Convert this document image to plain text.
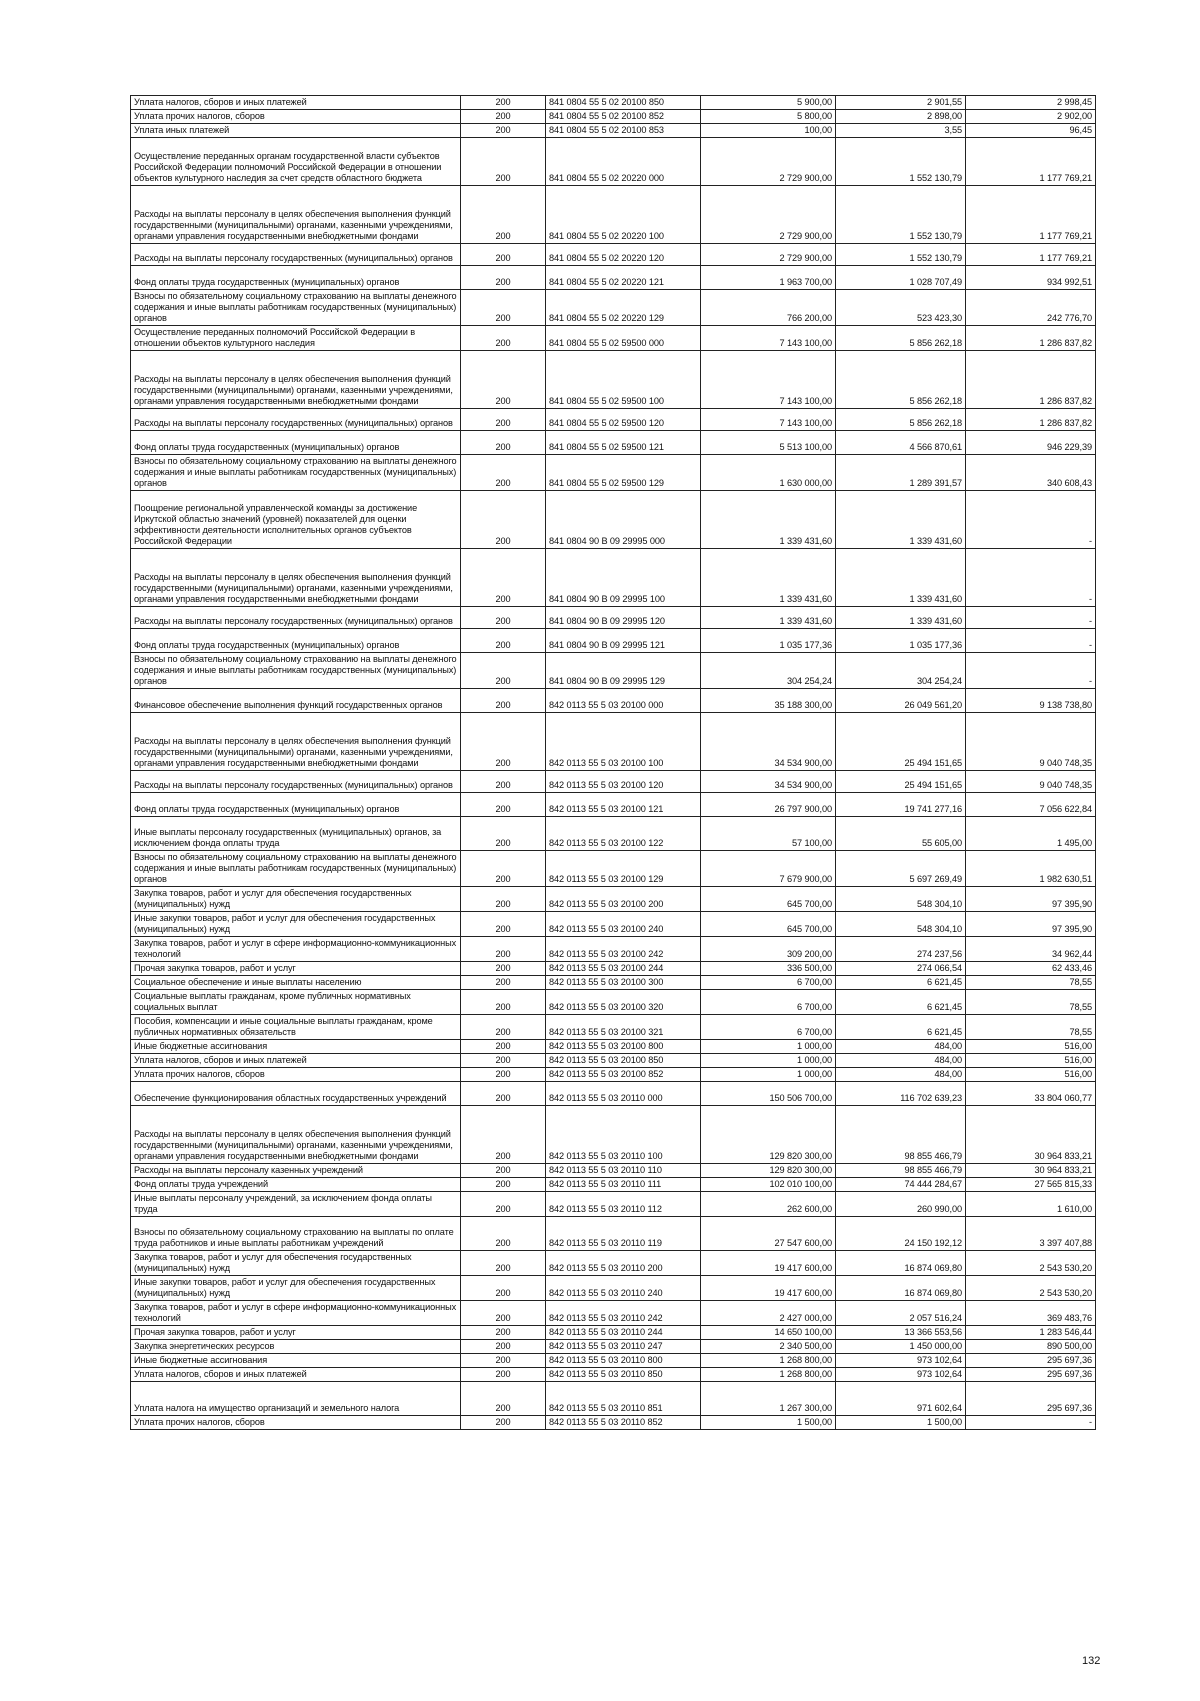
Уплата налогов, сборов и иных платежей	200	841 0804 55 5 02 20100 850	5 900,00	2 901,55	2 998,45
Уплата прочих налогов, сборов	200	841 0804 55 5 02 20100 852	5 800,00	2 898,00	2 902,00
Уплата иных платежей	200	841 0804 55 5 02 20100 853	100,00	3,55	96,45
Осуществление переданных органам государственной власти субъектов Российской Федерации полномочий Российской Федерации в отношении объектов культурного наследия за счет средств областного бюджета	200	841 0804 55 5 02 20220 000	2 729 900,00	1 552 130,79	1 177 769,21
Расходы на выплаты персоналу в целях обеспечения выполнения функций государственными (муниципальными) органами, казенными учреждениями, органами управления государственными внебюджетными фондами	200	841 0804 55 5 02 20220 100	2 729 900,00	1 552 130,79	1 177 769,21
Расходы на выплаты персоналу государственных (муниципальных) органов	200	841 0804 55 5 02 20220 120	2 729 900,00	1 552 130,79	1 177 769,21
Фонд оплаты труда государственных (муниципальных) органов	200	841 0804 55 5 02 20220 121	1 963 700,00	1 028 707,49	934 992,51
Взносы по обязательному социальному страхованию на выплаты денежного содержания и иные выплаты работникам государственных (муниципальных) органов	200	841 0804 55 5 02 20220 129	766 200,00	523 423,30	242 776,70
Осуществление переданных полномочий Российской Федерации в отношении объектов культурного наследия	200	841 0804 55 5 02 59500 000	7 143 100,00	5 856 262,18	1 286 837,82
Расходы на выплаты персоналу в целях обеспечения выполнения функций государственными (муниципальными) органами, казенными учреждениями, органами управления государственными внебюджетными фондами	200	841 0804 55 5 02 59500 100	7 143 100,00	5 856 262,18	1 286 837,82
Расходы на выплаты персоналу государственных (муниципальных) органов	200	841 0804 55 5 02 59500 120	7 143 100,00	5 856 262,18	1 286 837,82
Фонд оплаты труда государственных (муниципальных) органов	200	841 0804 55 5 02 59500 121	5 513 100,00	4 566 870,61	946 229,39
Взносы по обязательному социальному страхованию на выплаты денежного содержания и иные выплаты работникам государственных (муниципальных) органов	200	841 0804 55 5 02 59500 129	1 630 000,00	1 289 391,57	340 608,43
Поощрение региональной управленческой команды за достижение Иркутской областью значений (уровней) показателей для оценки эффективности деятельности исполнительных органов субъектов Российской Федерации	200	841 0804 90 В 09 29995 000	1 339 431,60	1 339 431,60	-
Расходы на выплаты персоналу в целях обеспечения выполнения функций государственными (муниципальными) органами, казенными учреждениями, органами управления государственными внебюджетными фондами	200	841 0804 90 В 09 29995 100	1 339 431,60	1 339 431,60	-
Расходы на выплаты персоналу государственных (муниципальных) органов	200	841 0804 90 В 09 29995 120	1 339 431,60	1 339 431,60	-
Фонд оплаты труда государственных (муниципальных) органов	200	841 0804 90 В 09 29995 121	1 035 177,36	1 035 177,36	-
Взносы по обязательному социальному страхованию на выплаты денежного содержания и иные выплаты работникам государственных (муниципальных) органов	200	841 0804 90 В 09 29995 129	304 254,24	304 254,24	-
Финансовое обеспечение выполнения функций государственных органов	200	842 0113 55 5 03 20100 000	35 188 300,00	26 049 561,20	9 138 738,80
Расходы на выплаты персоналу в целях обеспечения выполнения функций государственными (муниципальными) органами, казенными учреждениями, органами управления государственными внебюджетными фондами	200	842 0113 55 5 03 20100 100	34 534 900,00	25 494 151,65	9 040 748,35
Расходы на выплаты персоналу государственных (муниципальных) органов	200	842 0113 55 5 03 20100 120	34 534 900,00	25 494 151,65	9 040 748,35
Фонд оплаты труда государственных (муниципальных) органов	200	842 0113 55 5 03 20100 121	26 797 900,00	19 741 277,16	7 056 622,84
Иные выплаты персоналу государственных (муниципальных) органов, за исключением фонда оплаты труда	200	842 0113 55 5 03 20100 122	57 100,00	55 605,00	1 495,00
Взносы по обязательному социальному страхованию на выплаты денежного содержания и иные выплаты работникам государственных (муниципальных) органов	200	842 0113 55 5 03 20100 129	7 679 900,00	5 697 269,49	1 982 630,51
Закупка товаров, работ и услуг для обеспечения государственных (муниципальных) нужд	200	842 0113 55 5 03 20100 200	645 700,00	548 304,10	97 395,90
Иные закупки товаров, работ и услуг для обеспечения государственных (муниципальных) нужд	200	842 0113 55 5 03 20100 240	645 700,00	548 304,10	97 395,90
Закупка товаров, работ и услуг в сфере информационно-коммуникационных технологий	200	842 0113 55 5 03 20100 242	309 200,00	274 237,56	34 962,44
Прочая закупка товаров, работ и услуг	200	842 0113 55 5 03 20100 244	336 500,00	274 066,54	62 433,46
Социальное обеспечение и иные выплаты населению	200	842 0113 55 5 03 20100 300	6 700,00	6 621,45	78,55
Социальные выплаты гражданам, кроме публичных нормативных социальных выплат	200	842 0113 55 5 03 20100 320	6 700,00	6 621,45	78,55
Пособия, компенсации и иные социальные выплаты гражданам, кроме публичных нормативных обязательств	200	842 0113 55 5 03 20100 321	6 700,00	6 621,45	78,55
Иные бюджетные ассигнования	200	842 0113 55 5 03 20100 800	1 000,00	484,00	516,00
Уплата налогов, сборов и иных платежей	200	842 0113 55 5 03 20100 850	1 000,00	484,00	516,00
Уплата прочих налогов, сборов	200	842 0113 55 5 03 20100 852	1 000,00	484,00	516,00
Обеспечение функционирования областных государственных учреждений	200	842 0113 55 5 03 20110 000	150 506 700,00	116 702 639,23	33 804 060,77
Расходы на выплаты персоналу в целях обеспечения выполнения функций государственными (муниципальными) органами, казенными учреждениями, органами управления государственными внебюджетными фондами	200	842 0113 55 5 03 20110 100	129 820 300,00	98 855 466,79	30 964 833,21
Расходы на выплаты персоналу казенных учреждений	200	842 0113 55 5 03 20110 110	129 820 300,00	98 855 466,79	30 964 833,21
Фонд оплаты труда учреждений	200	842 0113 55 5 03 20110 111	102 010 100,00	74 444 284,67	27 565 815,33
Иные выплаты персоналу учреждений, за исключением фонда оплаты труда	200	842 0113 55 5 03 20110 112	262 600,00	260 990,00	1 610,00
Взносы по обязательному социальному страхованию на выплаты по оплате труда работников и иные выплаты работникам учреждений	200	842 0113 55 5 03 20110 119	27 547 600,00	24 150 192,12	3 397 407,88
Закупка товаров, работ и услуг для обеспечения государственных (муниципальных) нужд	200	842 0113 55 5 03 20110 200	19 417 600,00	16 874 069,80	2 543 530,20
Иные закупки товаров, работ и услуг для обеспечения государственных (муниципальных) нужд	200	842 0113 55 5 03 20110 240	19 417 600,00	16 874 069,80	2 543 530,20
Закупка товаров, работ и услуг в сфере информационно-коммуникационных технологий	200	842 0113 55 5 03 20110 242	2 427 000,00	2 057 516,24	369 483,76
Прочая закупка товаров, работ и услуг	200	842 0113 55 5 03 20110 244	14 650 100,00	13 366 553,56	1 283 546,44
Закупка энергетических ресурсов	200	842 0113 55 5 03 20110 247	2 340 500,00	1 450 000,00	890 500,00
Иные бюджетные ассигнования	200	842 0113 55 5 03 20110 800	1 268 800,00	973 102,64	295 697,36
Уплата налогов, сборов и иных платежей	200	842 0113 55 5 03 20110 850	1 268 800,00	973 102,64	295 697,36
Уплата налога на имущество организаций и земельного налога	200	842 0113 55 5 03 20110 851	1 267 300,00	971 602,64	295 697,36
Уплата прочих налогов, сборов	200	842 0113 55 5 03 20110 852	1 500,00	1 500,00	-
132
